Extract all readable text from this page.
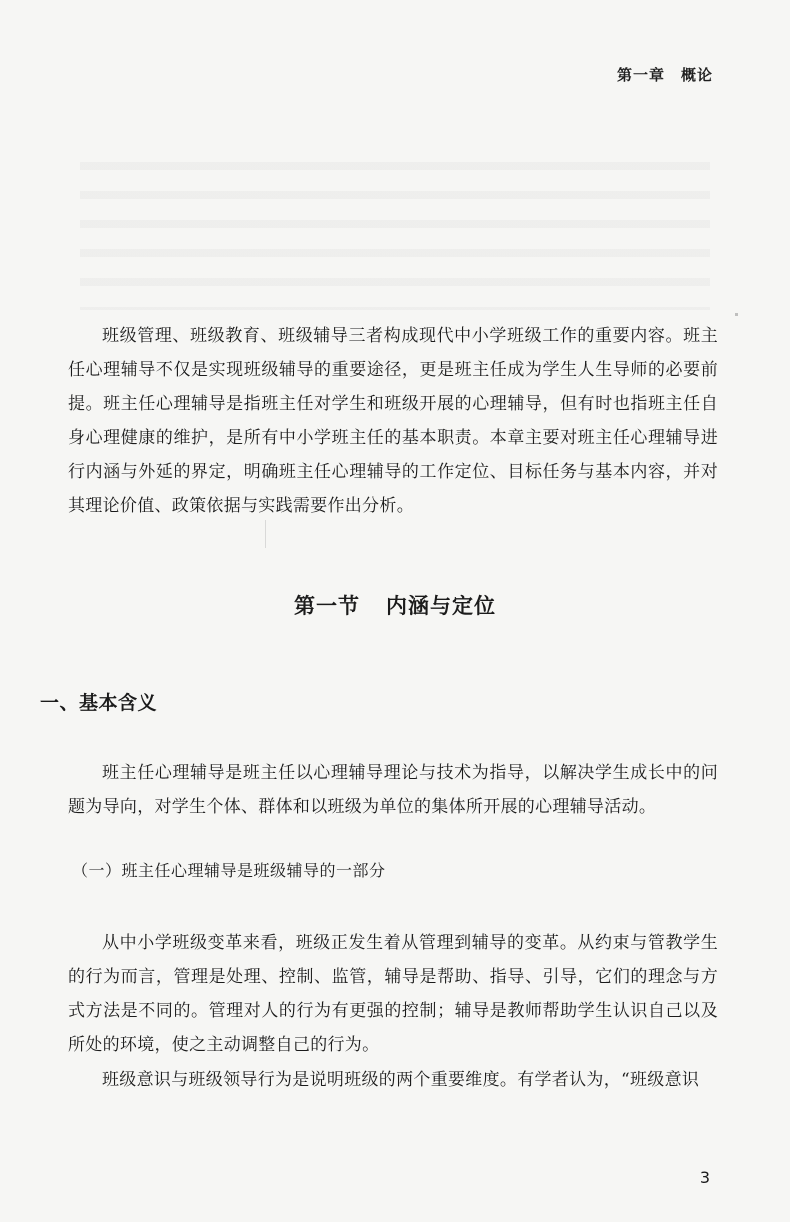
第一章　概论

班级管理、班级教育、班级辅导三者构成现代中小学班级工作的重要内容。班主任心理辅导不仅是实现班级辅导的重要途径，更是班主任成为学生人生导师的必要前提。班主任心理辅导是指班主任对学生和班级开展的心理辅导，但有时也指班主任自身心理健康的维护，是所有中小学班主任的基本职责。本章主要对班主任心理辅导进行内涵与外延的界定，明确班主任心理辅导的工作定位、目标任务与基本内容，并对其理论价值、政策依据与实践需要作出分析。

第一节 内涵与定位
一、基本含义

班主任心理辅导是班主任以心理辅导理论与技术为指导，以解决学生成长中的问题为导向，对学生个体、群体和以班级为单位的集体所开展的心理辅导活动。

（一）班主任心理辅导是班级辅导的一部分

从中小学班级变革来看，班级正发生着从管理到辅导的变革。从约束与管教学生的行为而言，管理是处理、控制、监管，辅导是帮助、指导、引导，它们的理念与方式方法是不同的。管理对人的行为有更强的控制；辅导是教师帮助学生认识自己以及所处的环境，使之主动调整自己的行为。

班级意识与班级领导行为是说明班级的两个重要维度。有学者认为，“班级意识

3
